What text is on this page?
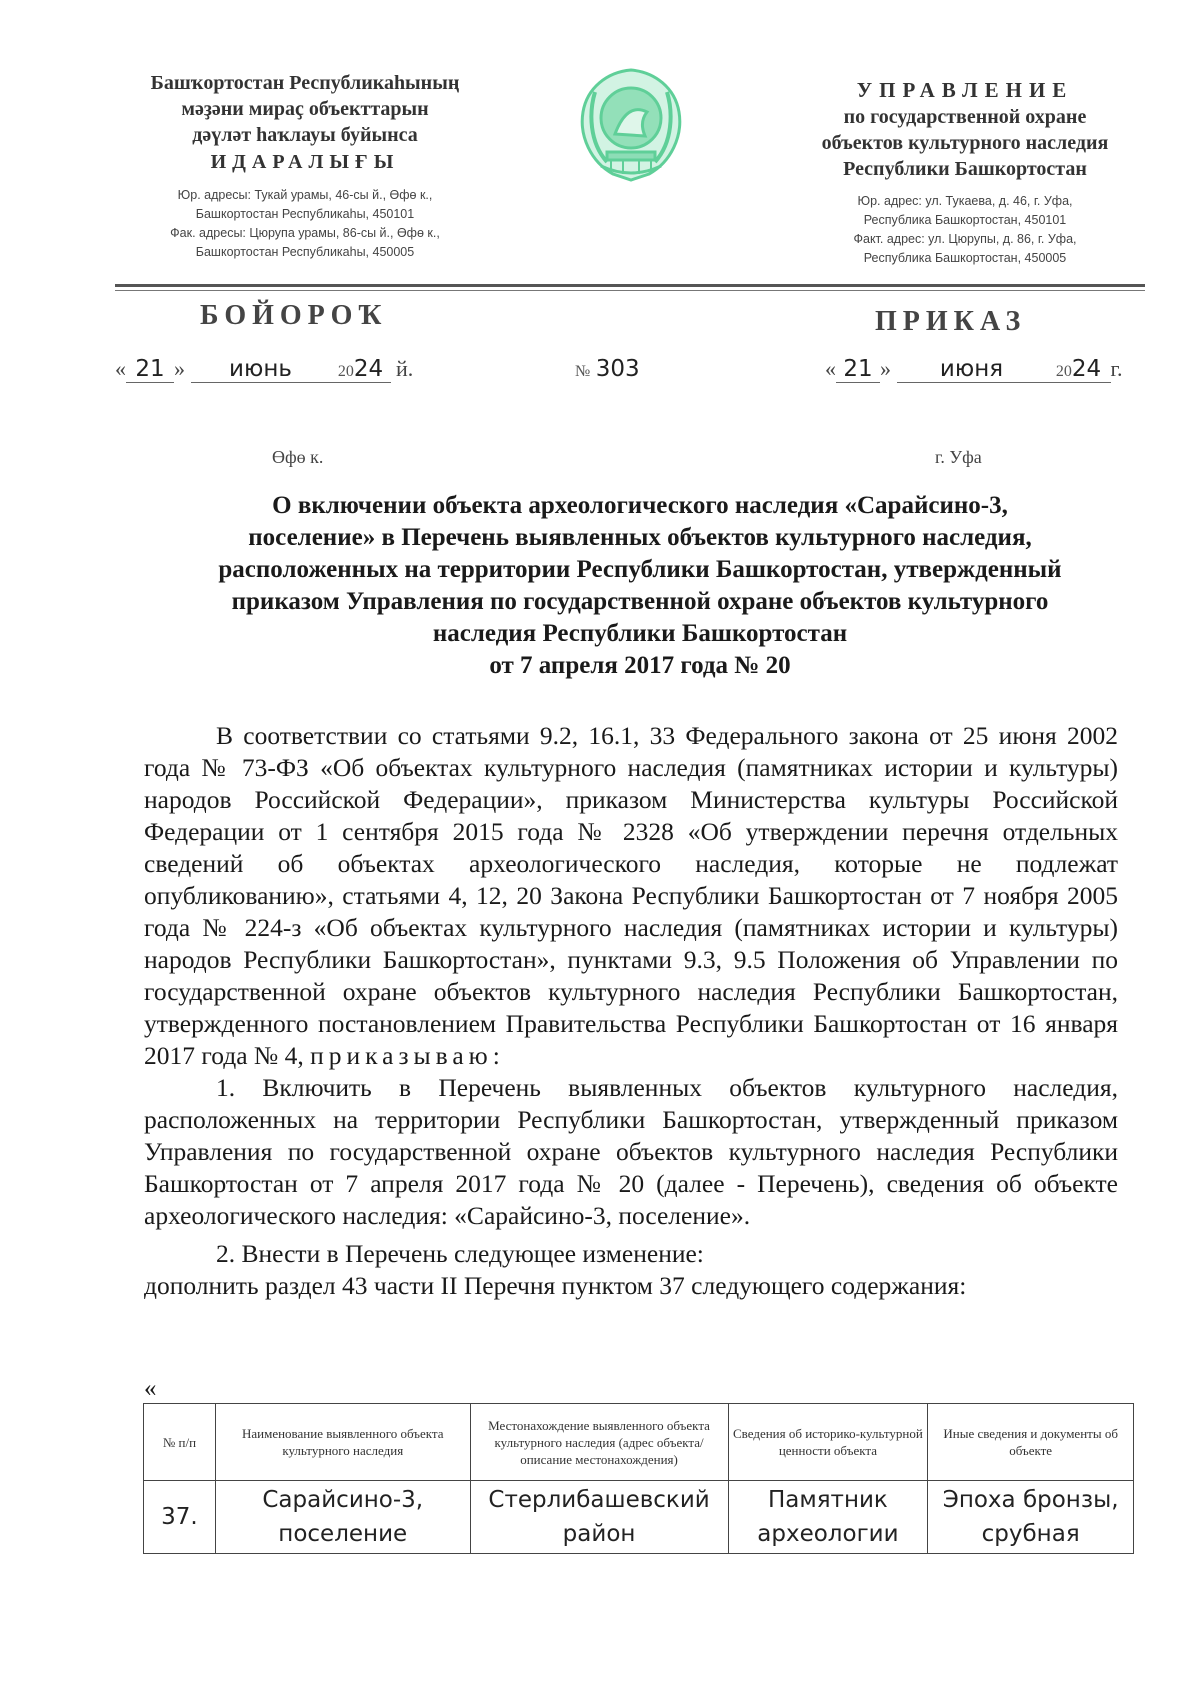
Башҡортостан Республикаһының
мәҙәни мираҫ объекттарын
дәүләт һаҡлауы буйынса
ИДАРАЛЫҒЫ
Юр. адресы: Тукай урамы, 46-сы й., Өфө к.,
Башкортостан Республикаһы, 450101
Фак. адресы: Цюрупа урамы, 86-сы й., Өфө к.,
Башкортостан Республикаһы, 450005
УПРАВЛЕНИЕ
по государственной охране
объектов культурного наследия
Республики Башкортостан
Юр. адрес: ул. Тукаева, д. 46, г. Уфа,
Республика Башкортостан, 450101
Факт. адрес: ул. Цюрупы, д. 86, г. Уфа,
Республика Башкортостан, 450005
БОЙОРОҠ	ПРИКАЗ
« 21 » июнь	2024 й.	№ 303	« 21 » июня	2024 г.
Өфө к.	г. Уфа
О включении объекта археологического наследия «Сарайсино-3,
поселение» в Перечень выявленных объектов культурного наследия,
расположенных на территории Республики Башкортостан, утвержденный
приказом Управления по государственной охране объектов культурного
наследия Республики Башкортостан
от 7 апреля 2017 года № 20

В соответствии со статьями 9.2, 16.1, 33 Федерального закона от 25 июня 2002 года № 73-ФЗ «Об объектах культурного наследия (памятниках истории и культуры) народов Российской Федерации», приказом Министерства культуры Российской Федерации от 1 сентября 2015 года № 2328 «Об утверждении перечня отдельных сведений об объектах археологического наследия, которые не подлежат опубликованию», статьями 4, 12, 20 Закона Республики Башкортостан от 7 ноября 2005 года № 224-з «Об объектах культурного наследия (памятниках истории и культуры) народов Республики Башкортостан», пунктами 9.3, 9.5 Положения об Управлении по государственной охране объектов культурного наследия Республики Башкортостан, утвержденного постановлением Правительства Республики Башкортостан от 16 января 2017 года № 4, приказываю:

1. Включить в Перечень выявленных объектов культурного наследия, расположенных на территории Республики Башкортостан, утвержденный приказом Управления по государственной охране объектов культурного наследия Республики Башкортостан от 7 апреля 2017 года № 20 (далее - Перечень), сведения об объекте археологического наследия: «Сарайсино-3, поселение».

2. Внести в Перечень следующее изменение:

дополнить раздел 43 части II Перечня пунктом 37 следующего содержания:

«
№ п/п	Наименование выявленного объекта культурного наследия	Местонахождение выявленного объекта культурного наследия (адрес объекта/описание местонахождения)	Сведения об историко-культурной ценности объекта	Иные сведения и документы об объекте
37.	Сарайсино-3, поселение	Стерлибашевский район	Памятник археологии	Эпоха бронзы, срубная
